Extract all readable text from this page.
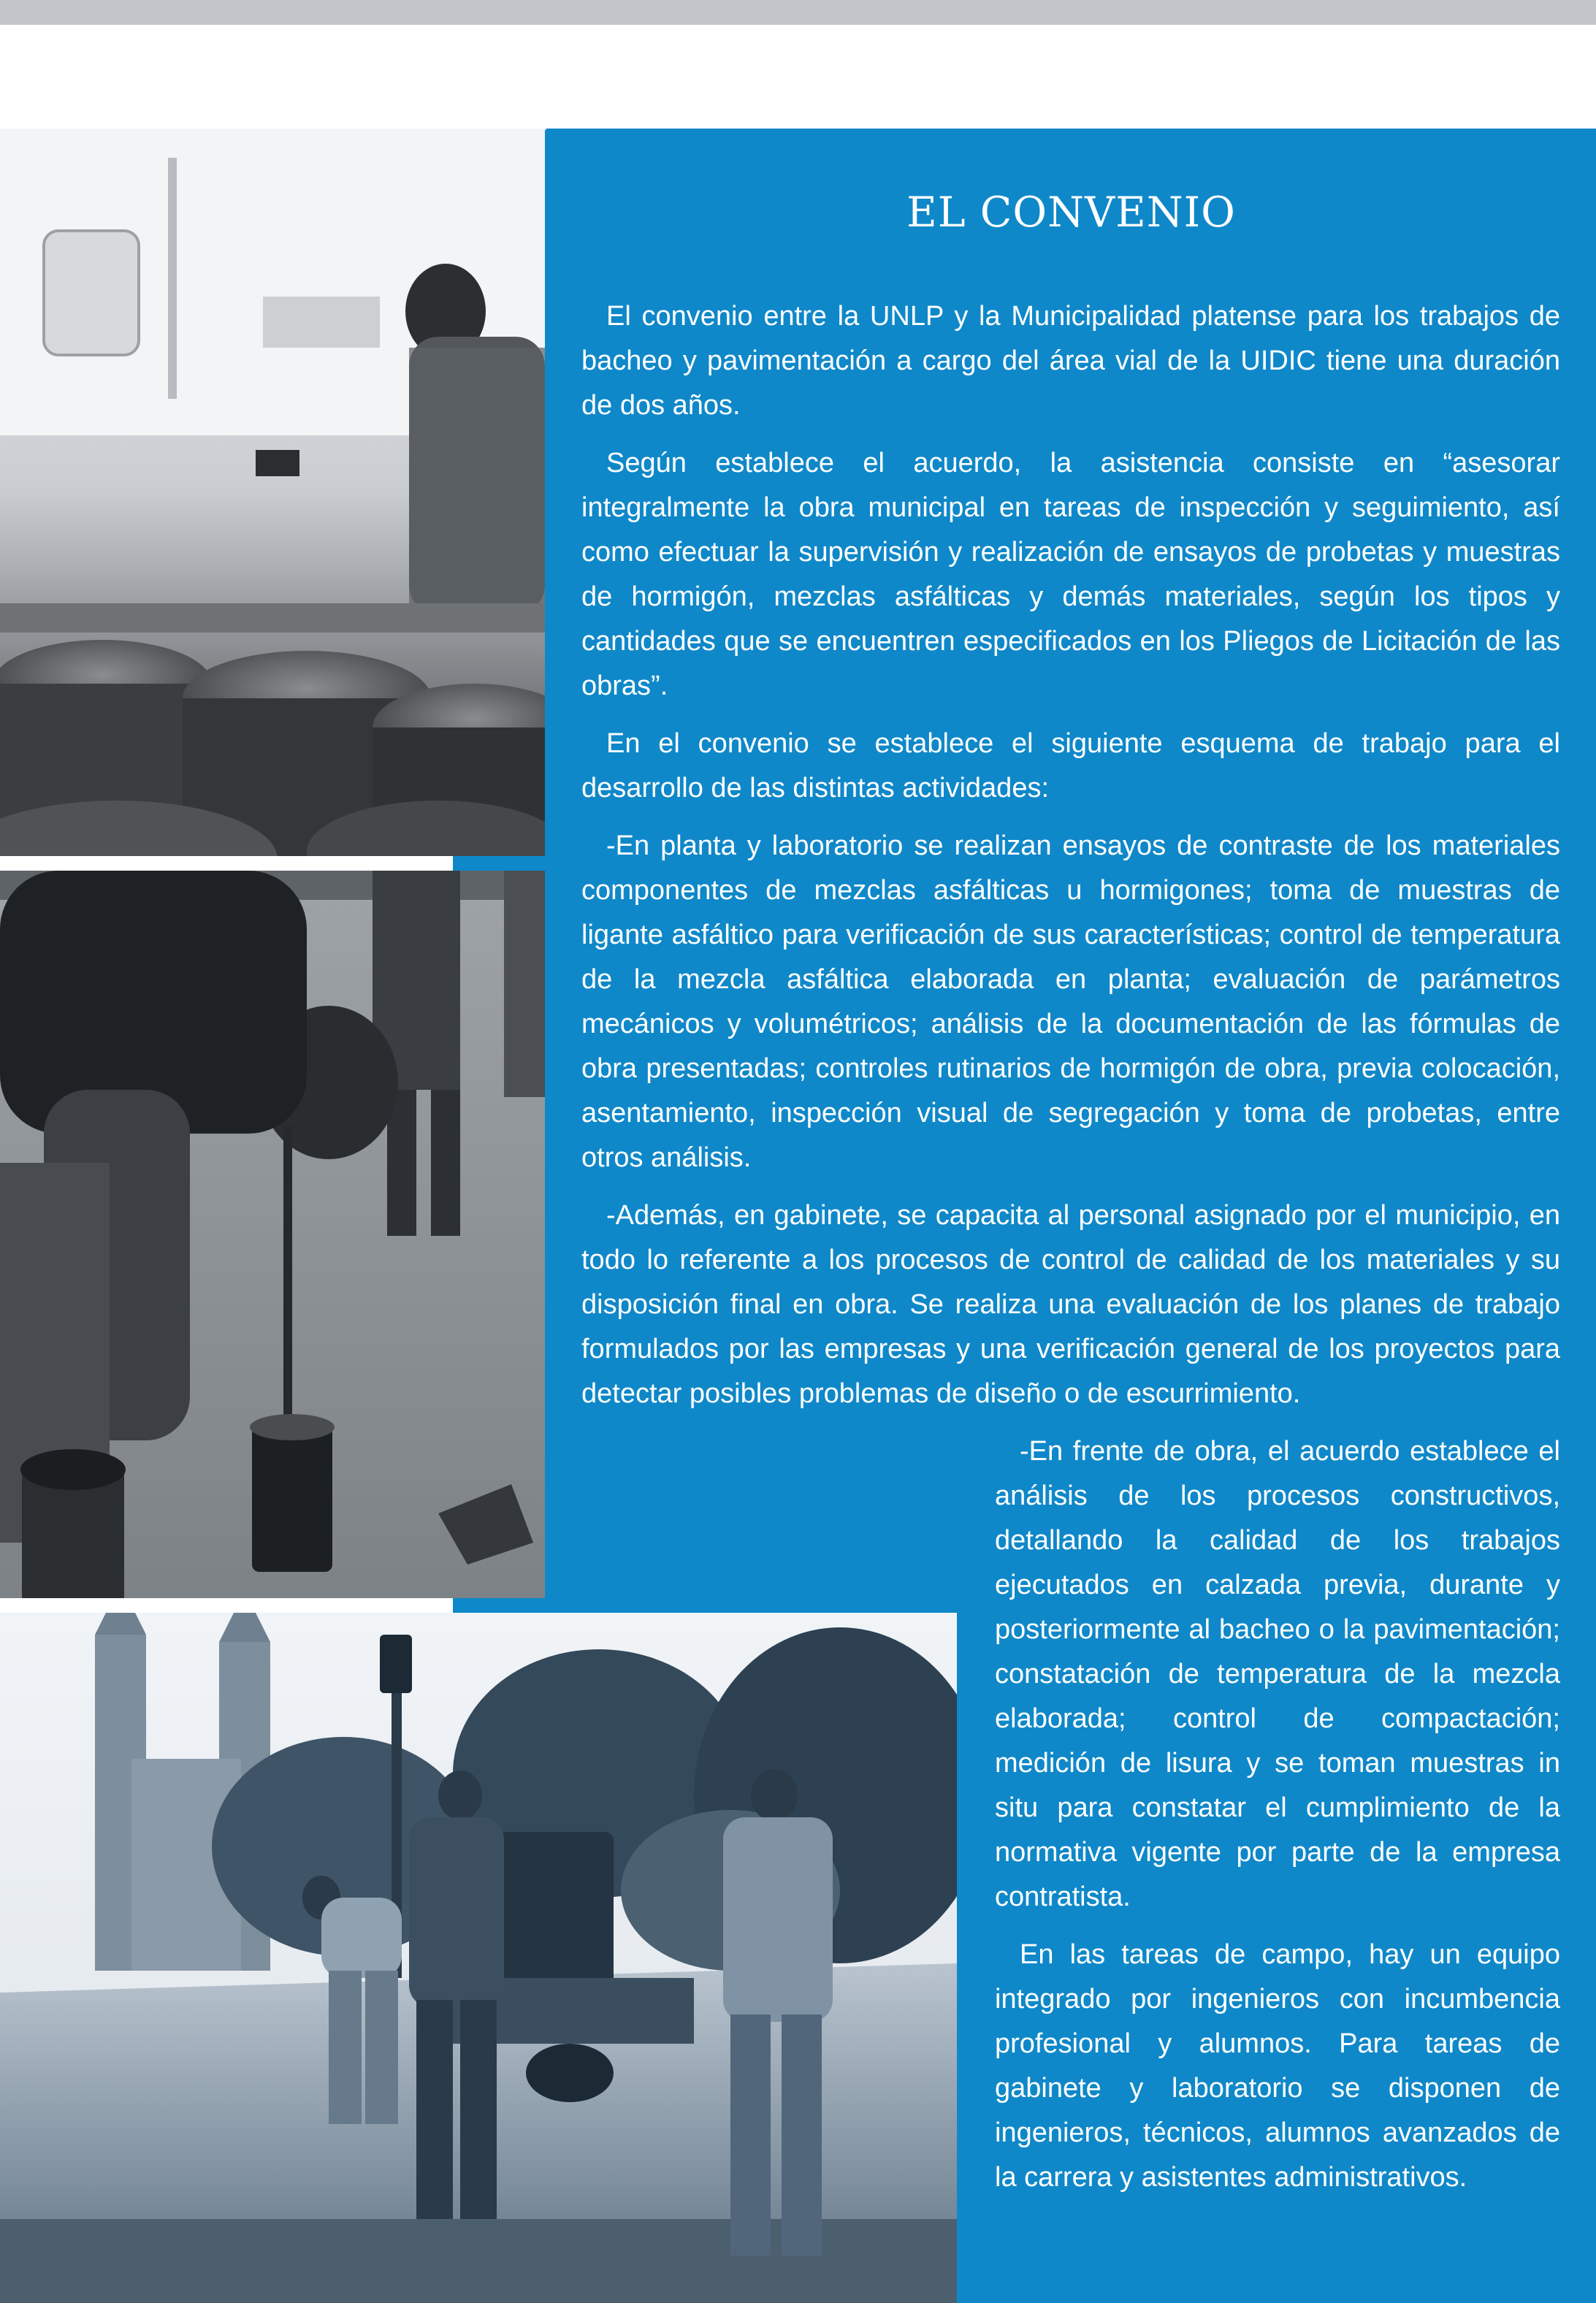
EL CONVENIO

El convenio entre la UNLP y la Municipalidad platense para los trabajos de bacheo y pavimentación a cargo del área vial de la UIDIC tiene una duración de dos años.

Según establece el acuerdo, la asistencia consiste en “asesorar integralmente la obra municipal en tareas de inspección y seguimiento, así como efectuar la supervisión y realización de ensayos de probetas y muestras de hormigón, mezclas asfálticas y demás materiales, según los tipos y cantidades que se encuentren especificados en los Pliegos de Licitación de las obras”.

En el convenio se establece el siguiente esquema de trabajo para el desarrollo de las distintas actividades:

-En planta y laboratorio se realizan ensayos de contraste de los materiales componentes de mezclas asfálticas u hormigones; toma de muestras de ligante asfáltico para verificación de sus características; control de temperatura de la mezcla asfáltica elaborada en planta; evaluación de parámetros mecánicos y volumétricos; análisis de la documentación de las fórmulas de obra presentadas; controles rutinarios de hormigón de obra, previa colocación, asentamiento, inspección visual de segregación y toma de probetas, entre otros análisis.

-Además, en gabinete, se capacita al personal asignado por el municipio, en todo lo referente a los procesos de control de calidad de los materiales y su disposición final en obra. Se realiza una evaluación de los planes de trabajo formulados por las empresas y una verificación general de los proyectos para detectar posibles problemas de diseño o de escurrimiento.

-En frente de obra, el acuerdo establece el análisis de los procesos constructivos, detallando la calidad de los trabajos ejecutados en calzada previa, durante y posteriormente al bacheo o la pavimentación; constatación de temperatura de la mezcla elaborada; control de compactación; medición de lisura y se toman muestras in situ para constatar el cumplimiento de la normativa vigente por parte de la empresa contratista.

En las tareas de campo, hay un equipo integrado por ingenieros con incumbencia profesional y alumnos. Para tareas de gabinete y laboratorio se disponen de ingenieros, técnicos, alumnos avanzados de la carrera y asistentes administrativos.
